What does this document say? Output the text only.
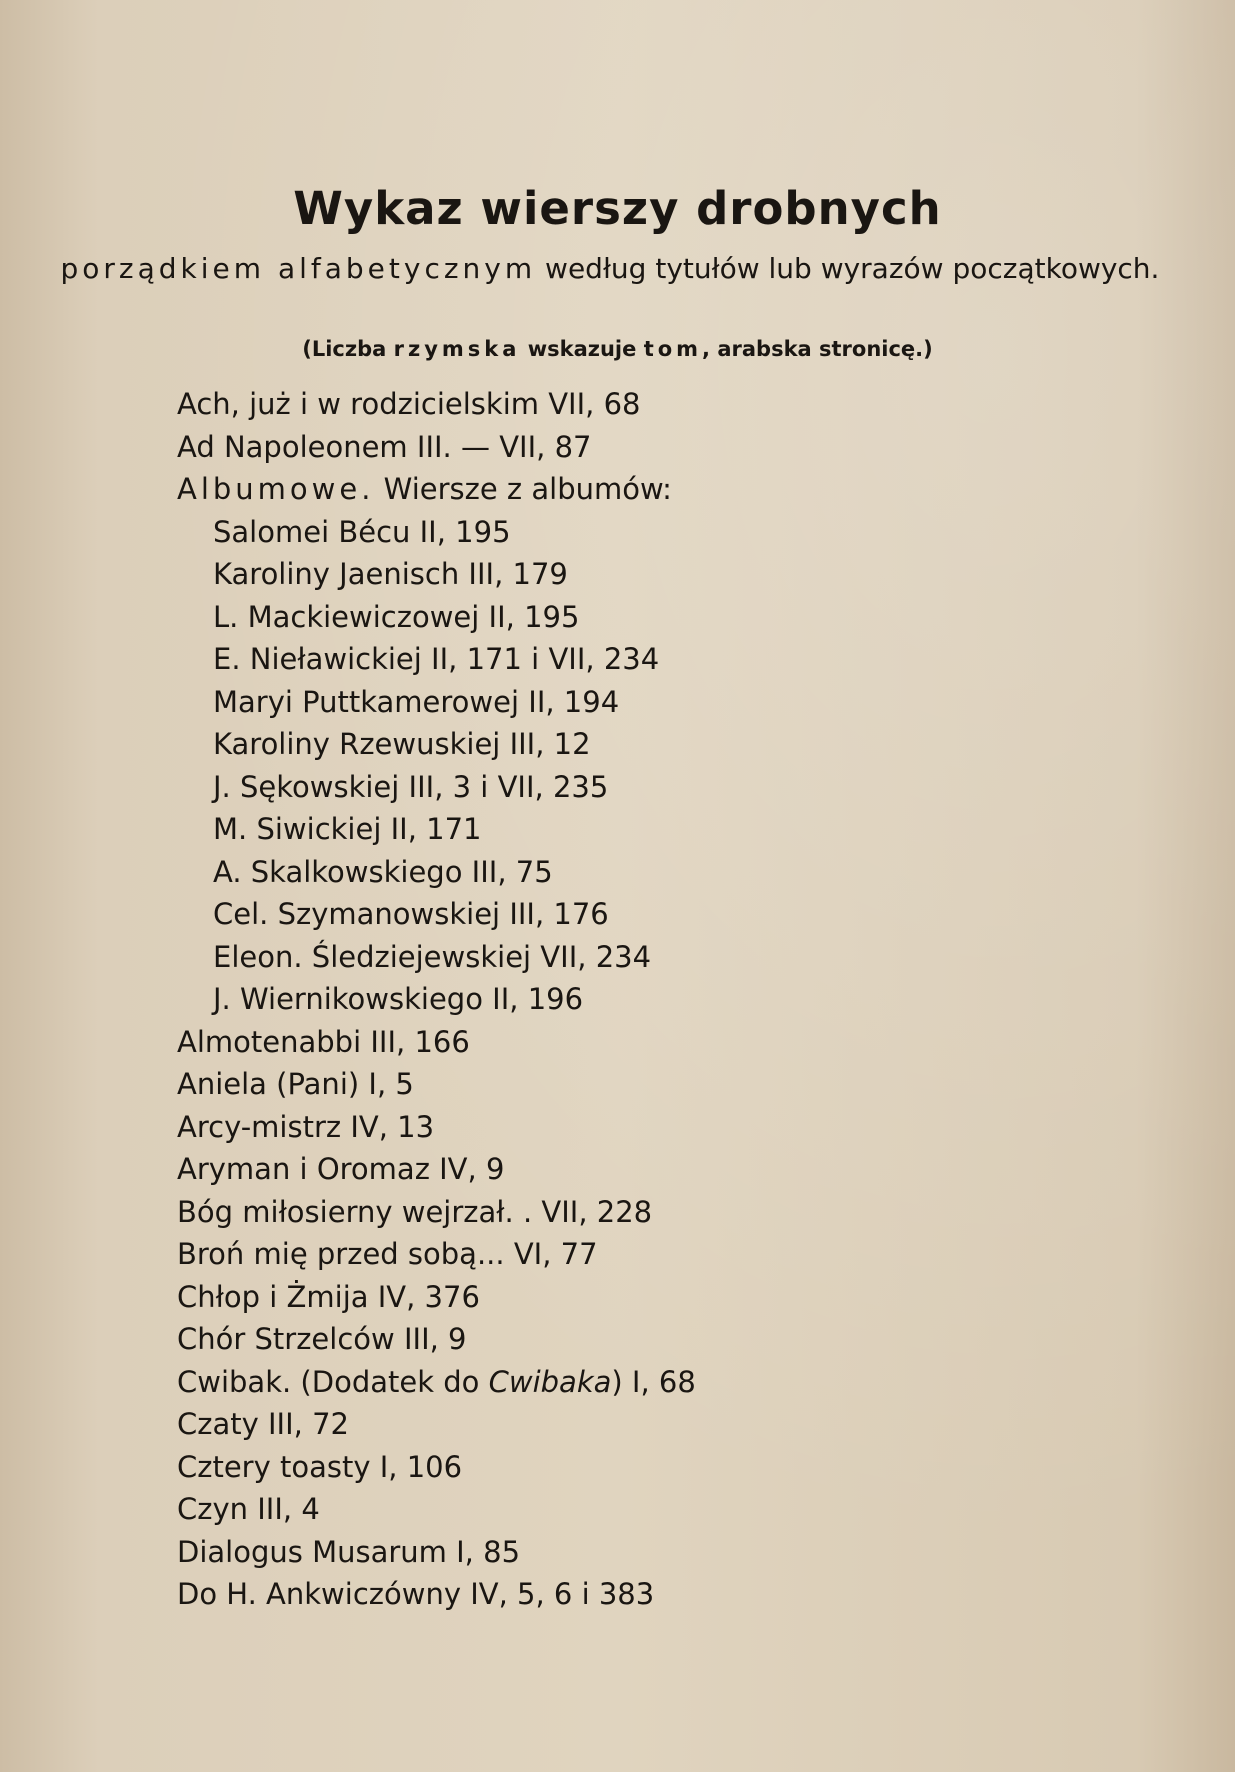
Wykaz wierszy drobnych

porządkiem alfabetycznym według tytułów lub wyrazów początkowych.

(Liczba rzymska wskazuje tom, arabska stronicę.)

Ach, już i w rodzicielskim VII, 68
Ad Napoleonem III. — VII, 87
Albumowe. Wiersze z albumów:
Salomei Bécu II, 195
Karoliny Jaenisch III, 179
L. Mackiewiczowej II, 195
E. Nieławickiej II, 171 i VII, 234
Maryi Puttkamerowej II, 194
Karoliny Rzewuskiej III, 12
J. Sękowskiej III, 3 i VII, 235
M. Siwickiej II, 171
A. Skalkowskiego III, 75
Cel. Szymanowskiej III, 176
Eleon. Śledziejewskiej VII, 234
J. Wiernikowskiego II, 196
Almotenabbi III, 166
Aniela (Pani) I, 5
Arcy-mistrz IV, 13
Aryman i Oromaz IV, 9
Bóg miłosierny wejrzał. . VII, 228
Broń mię przed sobą... VI, 77
Chłop i Żmija IV, 376
Chór Strzelców III, 9
Cwibak. (Dodatek do Cwibaka) I, 68
Czaty III, 72
Cztery toasty I, 106
Czyn III, 4
Dialogus Musarum I, 85
Do H. Ankwiczówny IV, 5, 6 i 383
